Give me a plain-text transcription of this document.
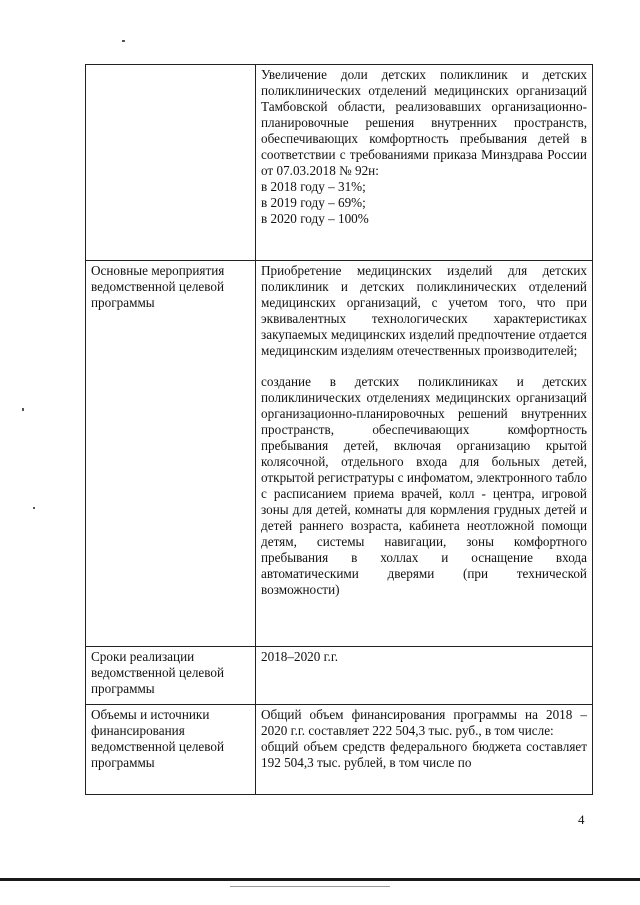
	Увеличение доли детских поликлиник и детских поликлинических отделений медицинских организаций Тамбовской области, реализовавших организационно-планировочные решения внутренних пространств, обеспечивающих комфортность пребывания детей в соответствии с требованиями приказа Минздрава России от 07.03.2018 № 92н:

в 2018 году – 31%;

в 2019 году – 69%;

в 2020 году – 100%

Основные мероприятия ведомственной целевой программы	Приобретение медицинских изделий для детских поликлиник и детских поликлинических отделений медицинских организаций, с учетом того, что при эквивалентных технологических характеристиках закупаемых медицинских изделий предпочтение отдается медицинским изделиям отечественных производителей;

создание в детских поликлиниках и детских поликлинических отделениях медицинских организаций организационно-планировочных решений внутренних пространств, обеспечивающих комфортность пребывания детей, включая организацию крытой колясочной, отдельного входа для больных детей, открытой регистратуры с инфоматом, электронного табло с расписанием приема врачей, колл - центра, игровой зоны для детей, комнаты для кормления грудных детей и детей раннего возраста, кабинета неотложной помощи детям, системы навигации, зоны комфортного пребывания в холлах и оснащение входа автоматическими дверями (при технической возможности)

Сроки реализации ведомственной целевой программы	2018–2020 г.г.

Объемы и источники финансирования ведомственной целевой программы	Общий объем финансирования программы на 2018 – 2020 г.г. составляет 222 504,3 тыс. руб., в том числе:

общий объем средств федерального бюджета составляет 192 504,3 тыс. рублей, в том числе по

4
